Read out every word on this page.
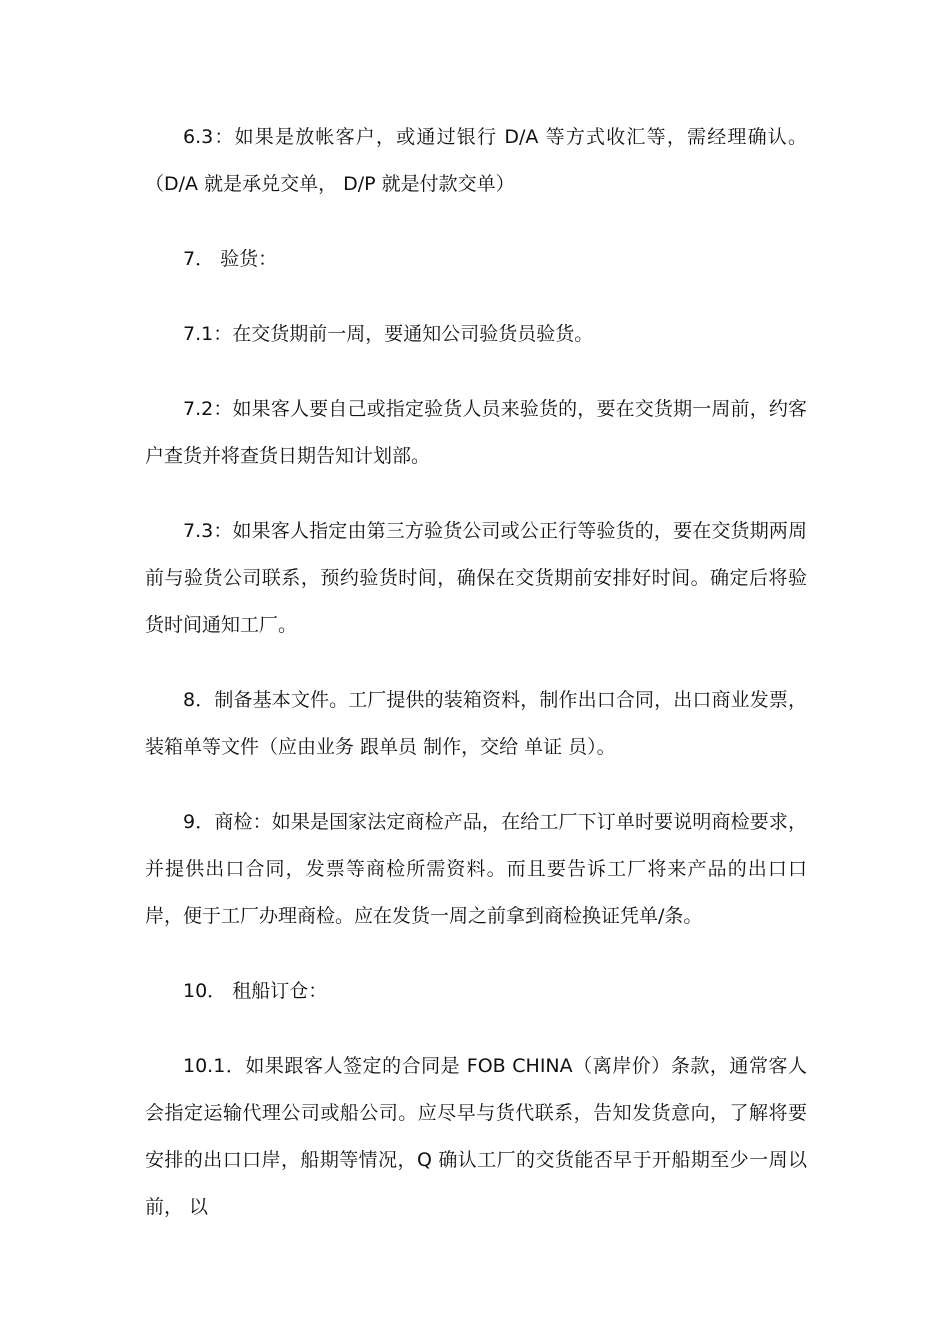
6.3：如果是放帐客户，或通过银行 D/A 等方式收汇等，需经理确认。（D/A 就是承兑交单， D/P 就是付款交单）

7． 验货：

7.1：在交货期前一周，要通知公司验货员验货。

7.2：如果客人要自己或指定验货人员来验货的，要在交货期一周前，约客户查货并将查货日期告知计划部。

7.3：如果客人指定由第三方验货公司或公正行等验货的，要在交货期两周前与验货公司联系，预约验货时间，确保在交货期前安排好时间。确定后将验货时间通知工厂。

8．制备基本文件。工厂提供的装箱资料，制作出口合同，出口商业发票，装箱单等文件（应由业务 跟单员 制作，交给 单证 员）。

9．商检：如果是国家法定商检产品，在给工厂下订单时要说明商检要求，并提供出口合同，发票等商检所需资料。而且要告诉工厂将来产品的出口口岸，便于工厂办理商检。应在发货一周之前拿到商检换证凭单/条。

10． 租船订仓：

10.1．如果跟客人签定的合同是 FOB CHINA（离岸价）条款，通常客人会指定运输代理公司或船公司。应尽早与货代联系，告知发货意向，了解将要安排的出口口岸，船期等情况，Q 确认工厂的交货能否早于开船期至少一周以前， 以
